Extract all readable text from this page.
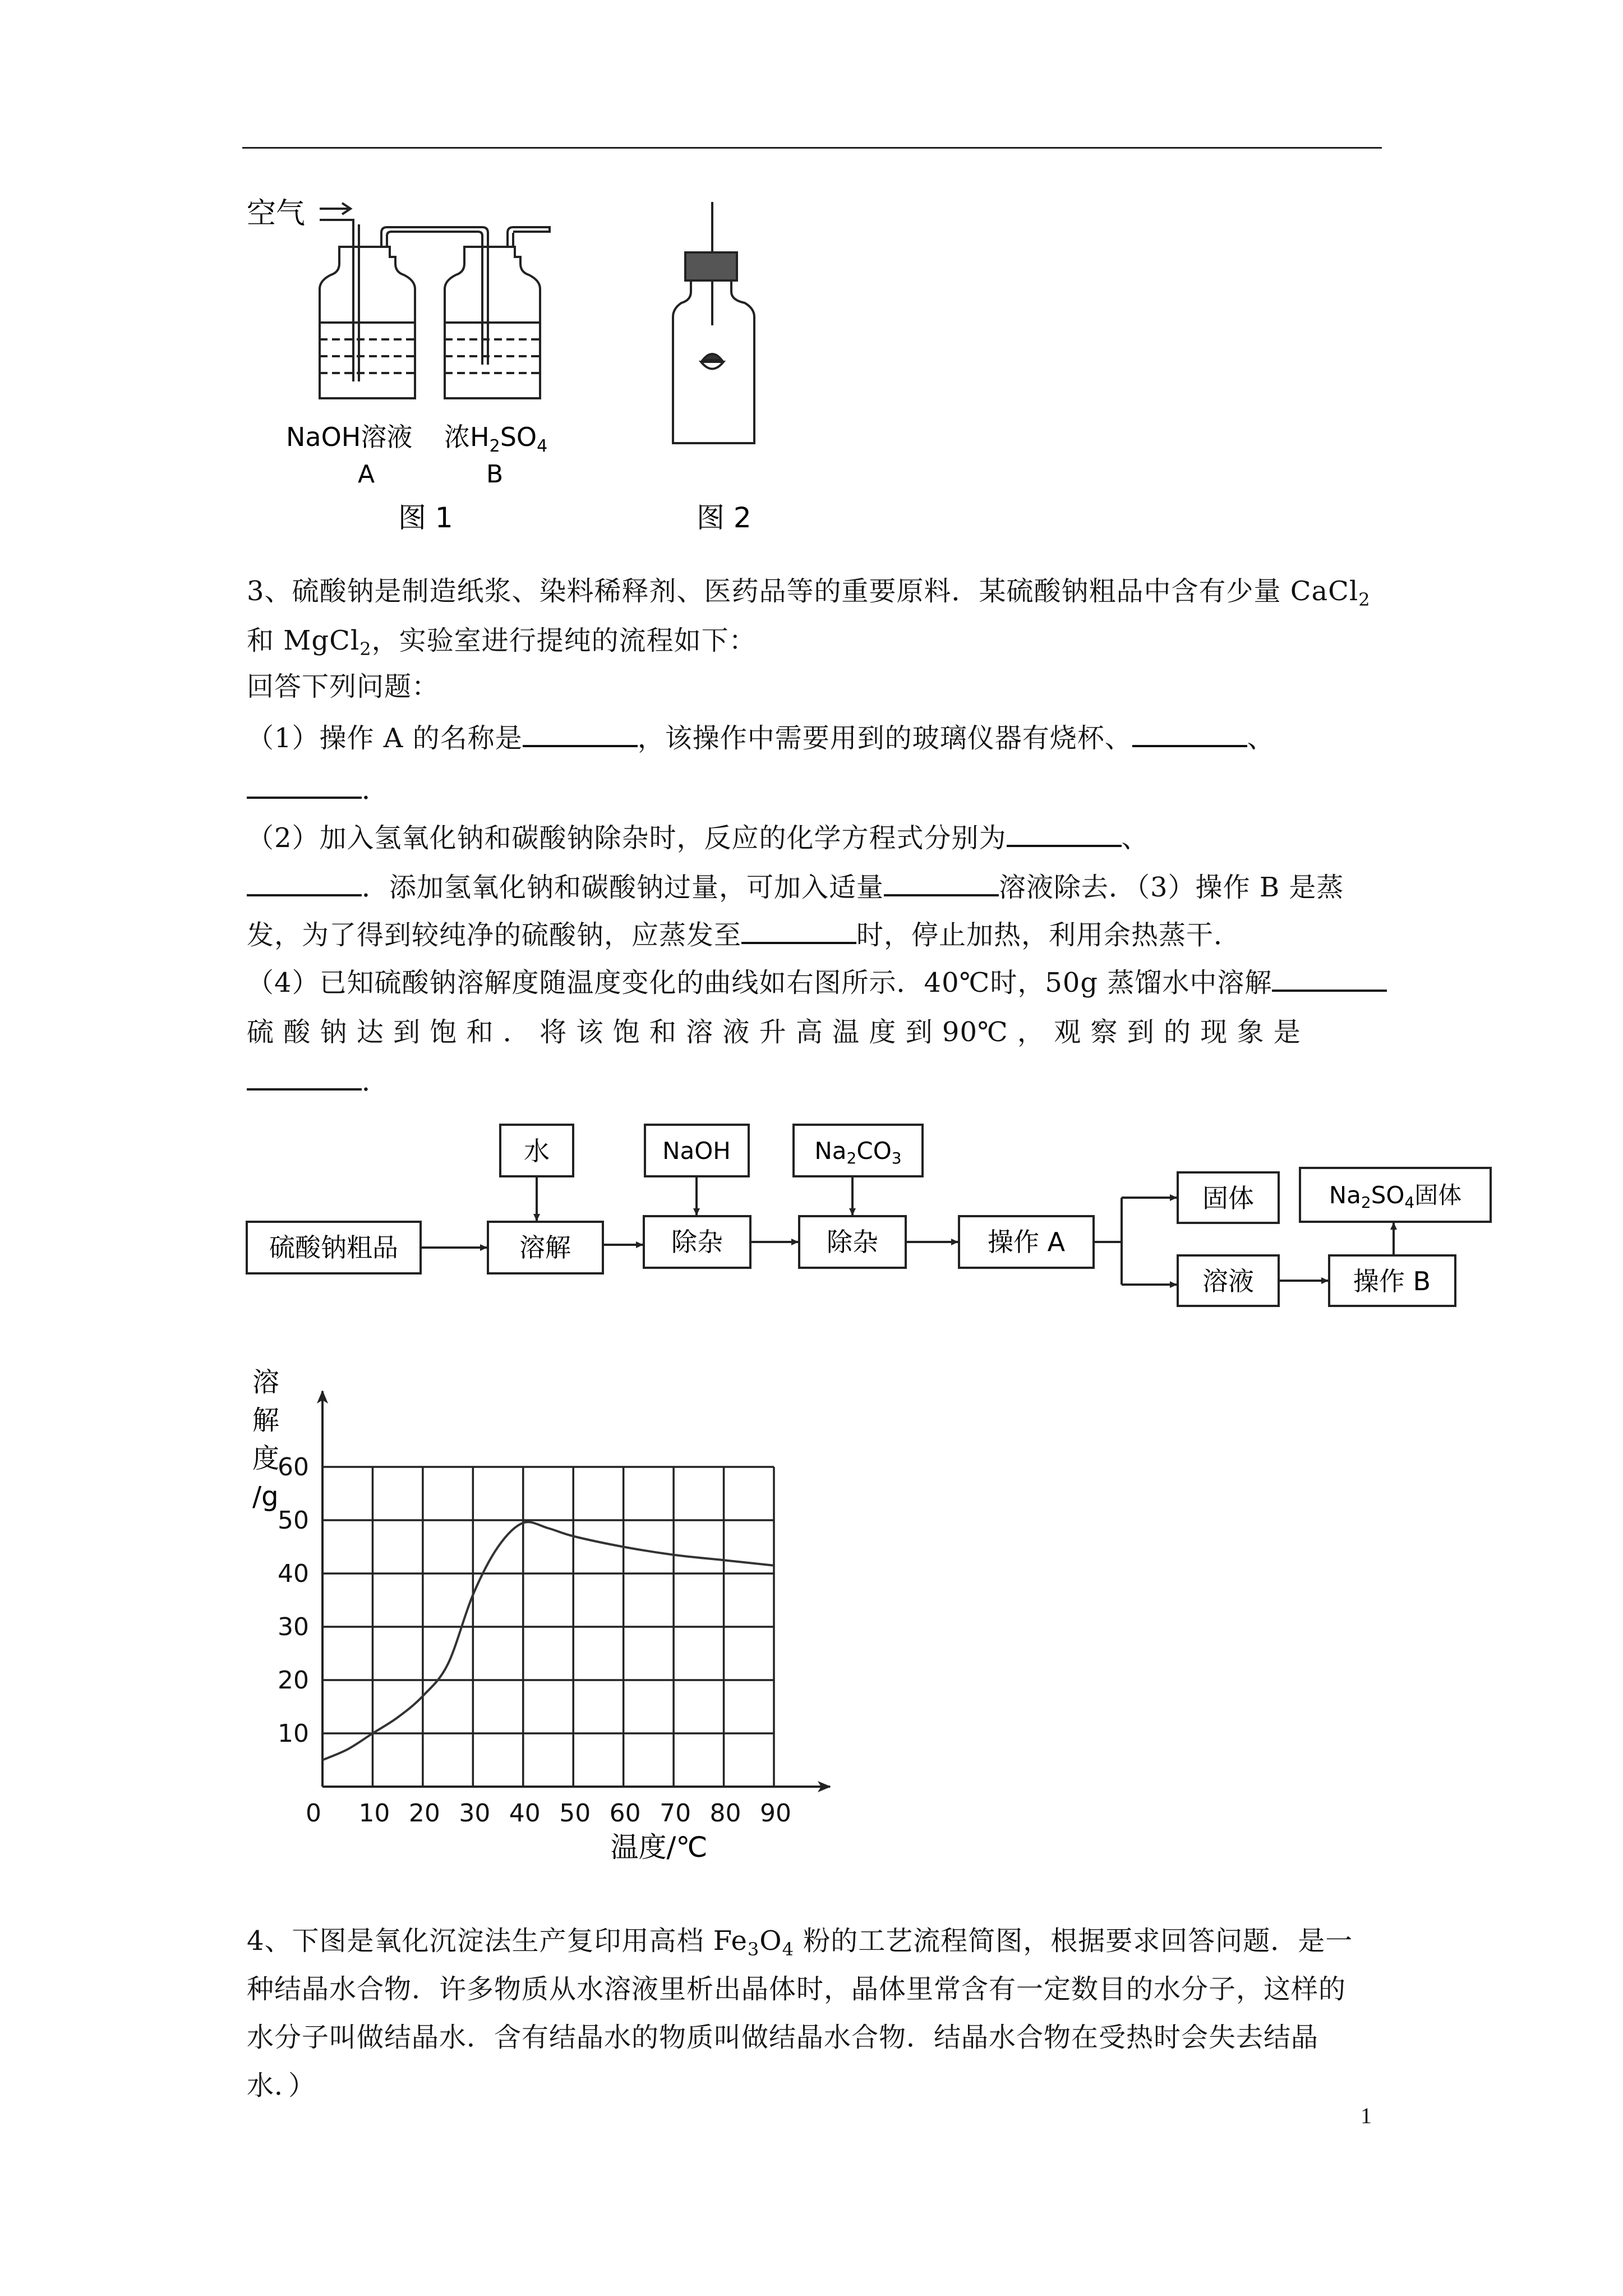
空气
NaOH溶液
A
浓$H_2SO_4$
B
图 1	图 2
3、硫酸钠是制造纸浆、染料稀释剂、医药品等的重要原料．某硫酸钠粗品中含有少量 CaCl$_2$
和 MgCl$_2$，实验室进行提纯的流程如下：
回答下列问题：
（1）操作 A 的名称是	，该操作中需要用到的玻璃仪器有烧杯、	、
．
（2）加入氢氧化钠和碳酸钠除杂时，反应的化学方程式分别为	、
．添加氢氧化钠和碳酸钠过量，可加入适量	溶液除去．（3）操作 B 是蒸
发，为了得到较纯净的硫酸钠，应蒸发至	时，停止加热，利用余热蒸干．
（4）已知硫酸钠溶解度随温度变化的曲线如右图所示．40℃时，50g 蒸馏水中溶解
硫 酸 钠 达 到 饱 和 ． 将 该 饱 和 溶 液 升 高 温 度 到 90℃ ， 观 察 到 的 现 象 是
．
硫酸钠粗品	溶解	除杂	除杂	操作 A
固体
溶液	操作 B
水	NaOH	Na2CO3
Na2SO4固体
0 10 20 30 40 50 60 70 80 90
10
20
30
40
50
60
溶
解
度
/g
温度/℃
4、下图是氧化沉淀法生产复印用高档 $Fe_3O_4$ 粉的工艺流程简图，根据要求回答问题．是一
种结晶水合物．许多物质从水溶液里析出晶体时，晶体里常含有一定数目的水分子，这样的
水分子叫做结晶水．含有结晶水的物质叫做结晶水合物．结晶水合物在受热时会失去结晶
水．）
1
